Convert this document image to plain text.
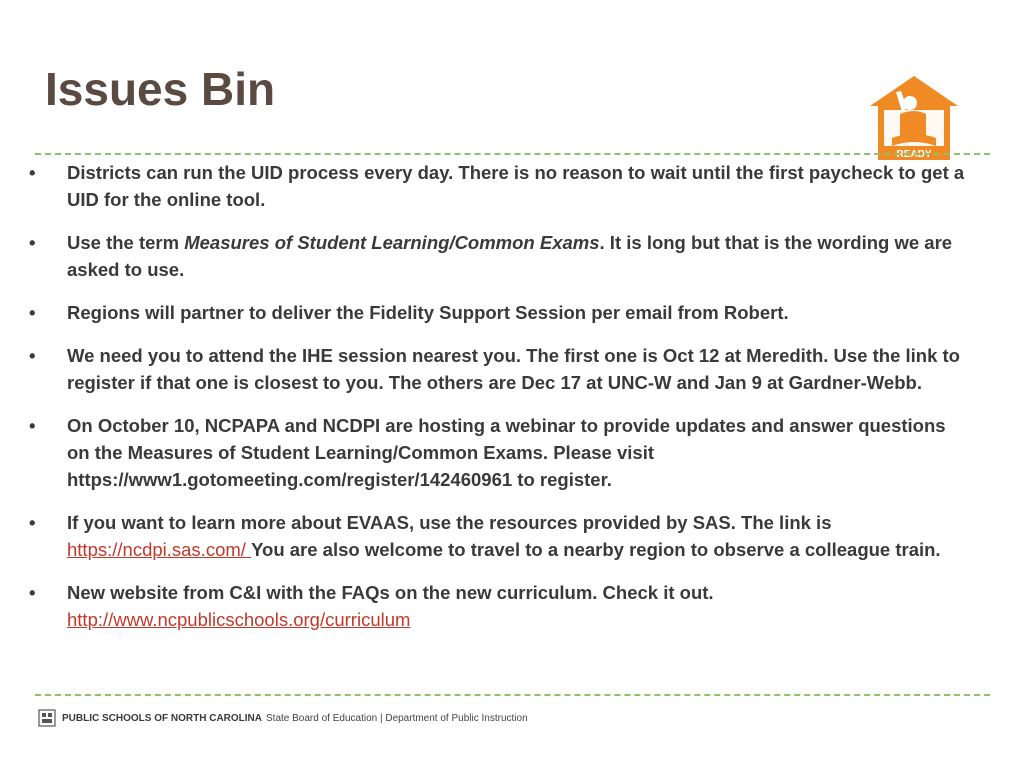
Issues Bin
READY
• Districts can run the UID process every day. There is no reason to wait until the first paycheck to get a UID for the online tool.
• Use the term Measures of Student Learning/Common Exams. It is long but that is the wording we are asked to use.
• Regions will partner to deliver the Fidelity Support Session per email from Robert.
• We need you to attend the IHE session nearest you. The first one is Oct 12 at Meredith. Use the link to register if that one is closest to you. The others are Dec 17 at UNC-W and Jan 9 at Gardner-Webb.
• On October 10, NCPAPA and NCDPI are hosting a webinar to provide updates and answer questions on the Measures of Student Learning/Common Exams. Please visit https://www1.gotomeeting.com/register/142460961 to register.
• If you want to learn more about EVAAS, use the resources provided by SAS. The link is https://ncdpi.sas.com/ You are also welcome to travel to a nearby region to observe a colleague train.
• New website from C&I with the FAQs on the new curriculum. Check it out. http://www.ncpublicschools.org/curriculum
PUBLIC SCHOOLS OF NORTH CAROLINA State Board of Education | Department of Public Instruction
